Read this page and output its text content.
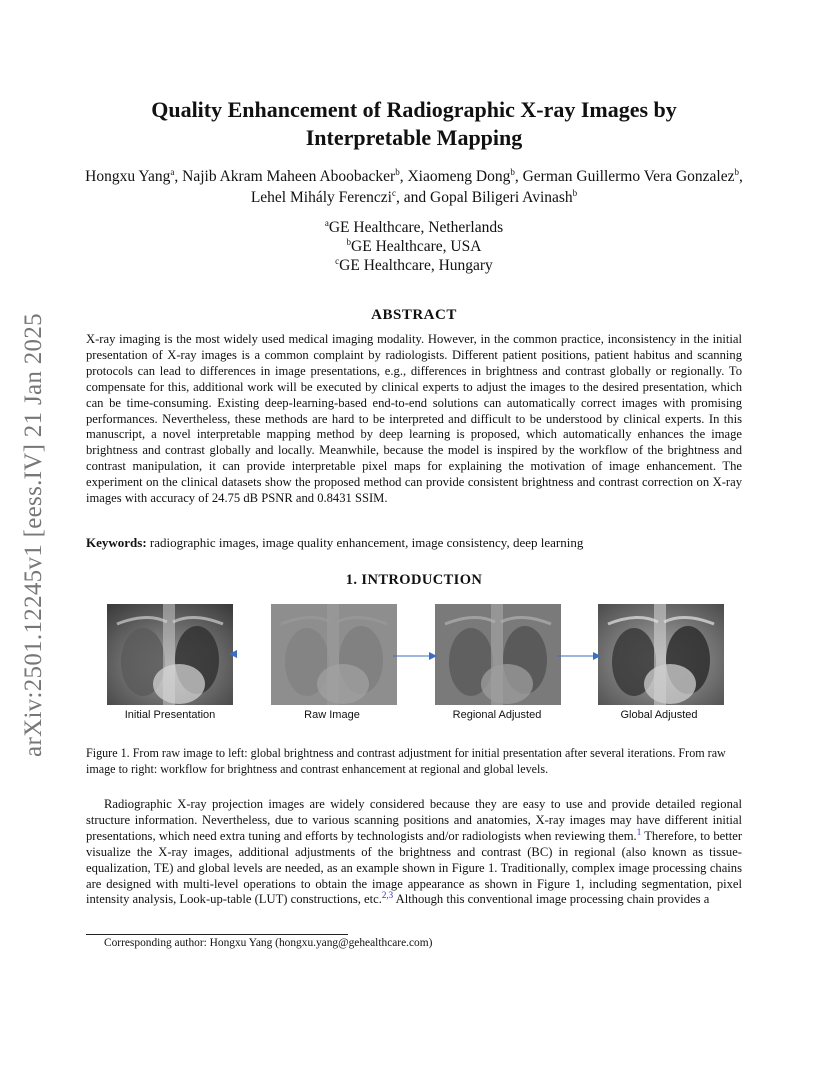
arXiv:2501.12245v1 [eess.IV] 21 Jan 2025
Quality Enhancement of Radiographic X-ray Images by
Interpretable Mapping
Hongxu Yang$^a$, Najib Akram Maheen Aboobacker$^b$, Xiaomeng Dong$^b$, German Guillermo Vera Gonzalez$^b$, Lehel Mihály Ferenczi$^c$, and Gopal Biligeri Avinash$^b$
$^a$GE Healthcare, Netherlands
$^b$GE Healthcare, USA
$^c$GE Healthcare, Hungary
ABSTRACT

X-ray imaging is the most widely used medical imaging modality. However, in the common practice, inconsistency in the initial presentation of X-ray images is a common complaint by radiologists. Different patient positions, patient habitus and scanning protocols can lead to differences in image presentations, e.g., differences in brightness and contrast globally or regionally. To compensate for this, additional work will be executed by clinical experts to adjust the images to the desired presentation, which can be time-consuming. Existing deep-learning-based end-to-end solutions can automatically correct images with promising performances. Nevertheless, these methods are hard to be interpreted and difficult to be understood by clinical experts. In this manuscript, a novel interpretable mapping method by deep learning is proposed, which automatically enhances the image brightness and contrast globally and locally. Meanwhile, because the model is inspired by the workflow of the brightness and contrast manipulation, it can provide interpretable pixel maps for explaining the motivation of image enhancement. The experiment on the clinical datasets show the proposed method can provide consistent brightness and contrast correction on X-ray images with accuracy of 24.75 dB PSNR and 0.8431 SSIM.

Keywords: radiographic images, image quality enhancement, image consistency, deep learning
1. INTRODUCTION
Initial Presentation	Raw Image	Regional Adjusted	Global Adjusted

Figure 1. From raw image to left: global brightness and contrast adjustment for initial presentation after several iterations. From raw image to right: workflow for brightness and contrast enhancement at regional and global levels.

Radiographic X-ray projection images are widely considered because they are easy to use and provide detailed regional structure information. Nevertheless, due to various scanning positions and anatomies, X-ray images may have different initial presentations, which need extra tuning and efforts by technologists and/or radiologists when reviewing them.$^1$ Therefore, to better visualize the X-ray images, additional adjustments of the brightness and contrast (BC) in regional (also known as tissue-equalization, TE) and global levels are needed, as an example shown in Figure 1. Traditionally, complex image processing chains are designed with multi-level operations to obtain the image appearance as shown in Figure 1, including segmentation, pixel intensity analysis, Look-up-table (LUT) constructions, etc.$^{2,3}$ Although this conventional image processing chain provides a

Corresponding author: Hongxu Yang (hongxu.yang@gehealthcare.com)
